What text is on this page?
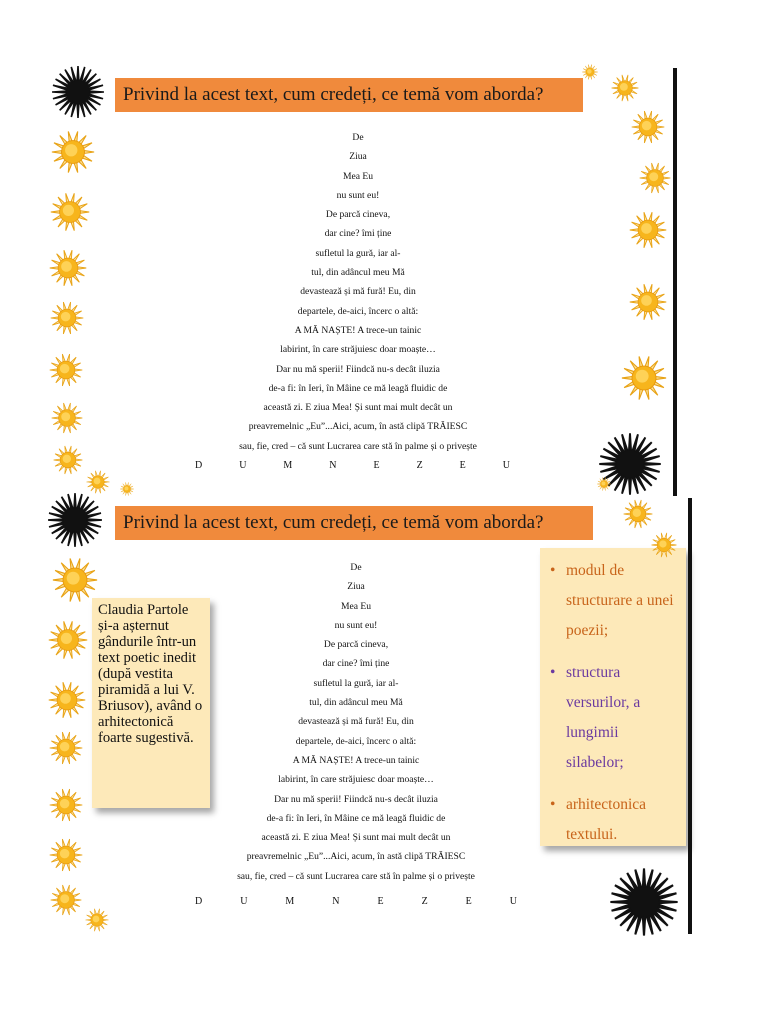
Privind la acest text, cum credeți, ce temă vom aborda?
De
Ziua
Mea Eu
nu sunt eu!
De parcă cineva,
dar cine? îmi ține
sufletul la gură, iar al-
tul, din adâncul meu Mă
devastează și mă fură! Eu, din
departele, de-aici, încerc o altă:
A MĂ NAȘTE! A trece-un tainic
labirint, în care străjuiesc doar moaște…
Dar nu mă sperii! Fiindcă nu-s decât iluzia
de-a fi: în Ieri, în Mâine ce mă leagă fluidic de
această zi. E ziua Mea! Și sunt mai mult decât un
preavremelnic „Eu”...Aici, acum, în astă clipă TRĂIESC
sau, fie, cred – că sunt Lucrarea care stă în palme și o privește
D	U	M	N	E	Z	E	U
Privind la acest text, cum credeți, ce temă vom aborda?
De
Ziua
Mea Eu
nu sunt eu!
De parcă cineva,
dar cine? îmi ține
sufletul la gură, iar al-
tul, din adâncul meu Mă
devastează și mă fură! Eu, din
departele, de-aici, încerc o altă:
A MĂ NAȘTE! A trece-un tainic
labirint, în care străjuiesc doar moaște…
Dar nu mă sperii! Fiindcă nu-s decât iluzia
de-a fi: în Ieri, în Mâine ce mă leagă fluidic de
această zi. E ziua Mea! Și sunt mai mult decât un
preavremelnic „Eu”...Aici, acum, în astă clipă TRĂIESC
sau, fie, cred – că sunt Lucrarea care stă în palme și o privește
D	U	M	N	E	Z	E	U
Claudia Partole și-a așternut gândurile într-un text poetic inedit (după vestita piramidă a lui V. Briusov), având o arhitectonică foarte sugestivă.
• modul de structurare a unei poezii;
• structura versurilor, a lungimii silabelor;
• arhitectonica textului.
